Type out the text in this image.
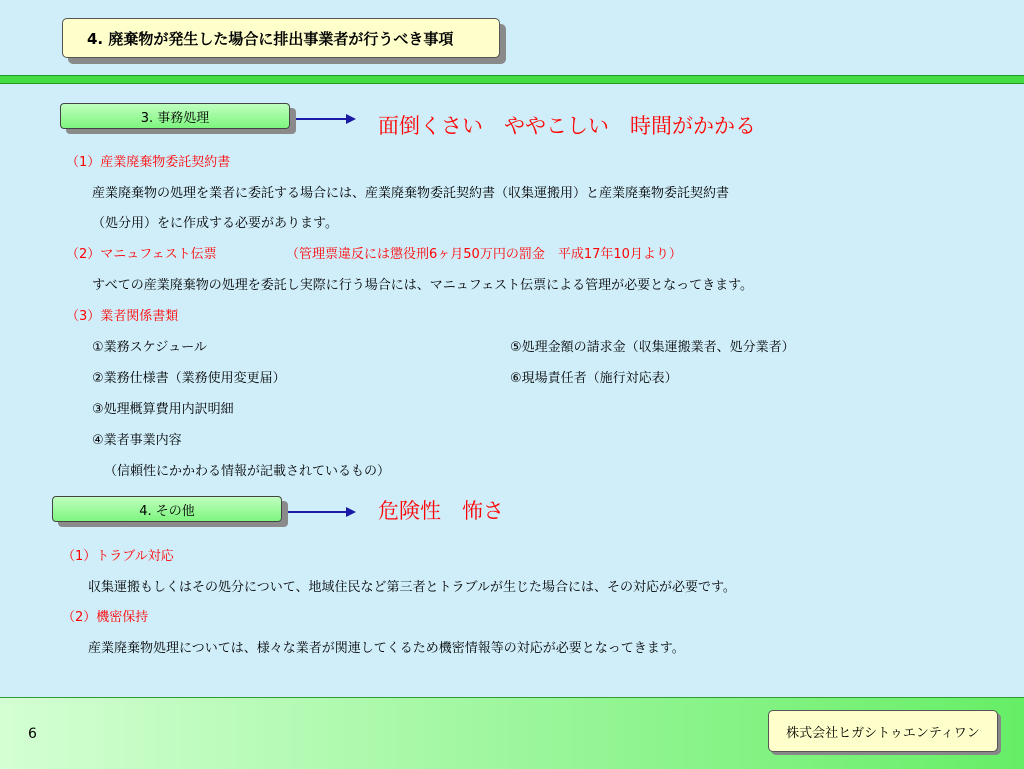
4. 廃棄物が発生した場合に排出事業者が行うべき事項
3. 事務処理	面倒くさい　ややこしい　時間がかかる
（1）産業廃棄物委託契約書
産業廃棄物の処理を業者に委託する場合には、産業廃棄物委託契約書（収集運搬用）と産業廃棄物委託契約書
（処分用）をに作成する必要があります。
（2）マニュフェスト伝票	（管理票違反には懲役刑6ヶ月50万円の罰金　平成17年10月より）
すべての産業廃棄物の処理を委託し実際に行う場合には、マニュフェスト伝票による管理が必要となってきます。
（3）業者関係書類
①業務スケジュール
②業務仕様書（業務使用変更届）
③処理概算費用内訳明細
④業者事業内容
⑤処理金額の請求金（収集運搬業者、処分業者）
⑥現場責任者（施行対応表）
（信頼性にかかわる情報が記載されているもの）
4. その他	危険性　怖さ
（1）トラブル対応
収集運搬もしくはその処分について、地域住民など第三者とトラブルが生じた場合には、その対応が必要です。
（2）機密保持
産業廃棄物処理については、様々な業者が関連してくるため機密情報等の対応が必要となってきます。
6	株式会社ヒガシトゥエンティワン
